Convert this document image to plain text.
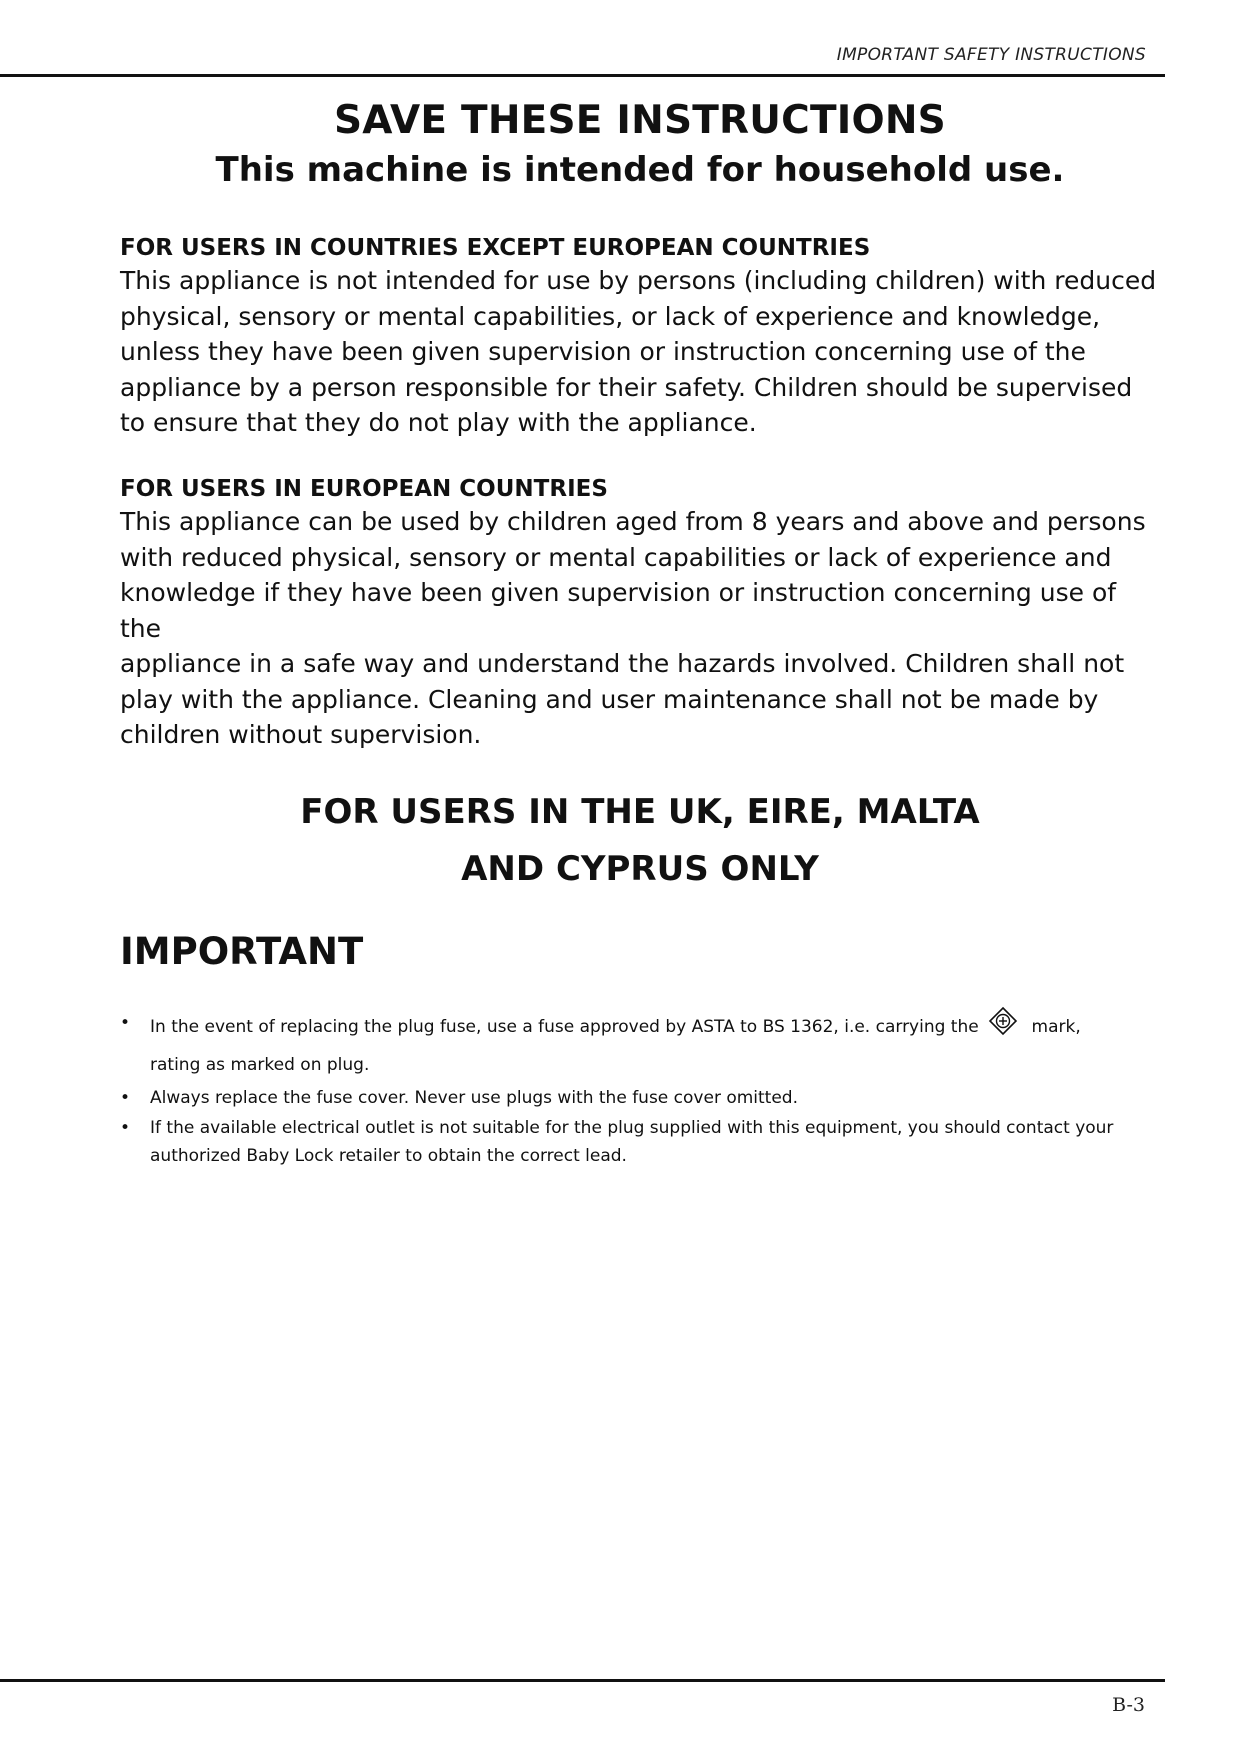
IMPORTANT SAFETY INSTRUCTIONS
SAVE THESE INSTRUCTIONS
This machine is intended for household use.

FOR USERS IN COUNTRIES EXCEPT EUROPEAN COUNTRIES

This appliance is not intended for use by persons (including children) with reduced
physical, sensory or mental capabilities, or lack of experience and knowledge,
unless they have been given supervision or instruction concerning use of the
appliance by a person responsible for their safety. Children should be supervised
to ensure that they do not play with the appliance.

FOR USERS IN EUROPEAN COUNTRIES

This appliance can be used by children aged from 8 years and above and persons
with reduced physical, sensory or mental capabilities or lack of experience and
knowledge if they have been given supervision or instruction concerning use of the
appliance in a safe way and understand the hazards involved. Children shall not
play with the appliance. Cleaning and user maintenance shall not be made by
children without supervision.

FOR USERS IN THE UK, EIRE, MALTA
AND CYPRUS ONLY
IMPORTANT
• In the event of replacing the plug fuse, use a fuse approved by ASTA to BS 1362, i.e. carrying the	mark,
rating as marked on plug.
• Always replace the fuse cover. Never use plugs with the fuse cover omitted.
• If the available electrical outlet is not suitable for the plug supplied with this equipment, you should contact your
authorized Baby Lock retailer to obtain the correct lead.
B-3
